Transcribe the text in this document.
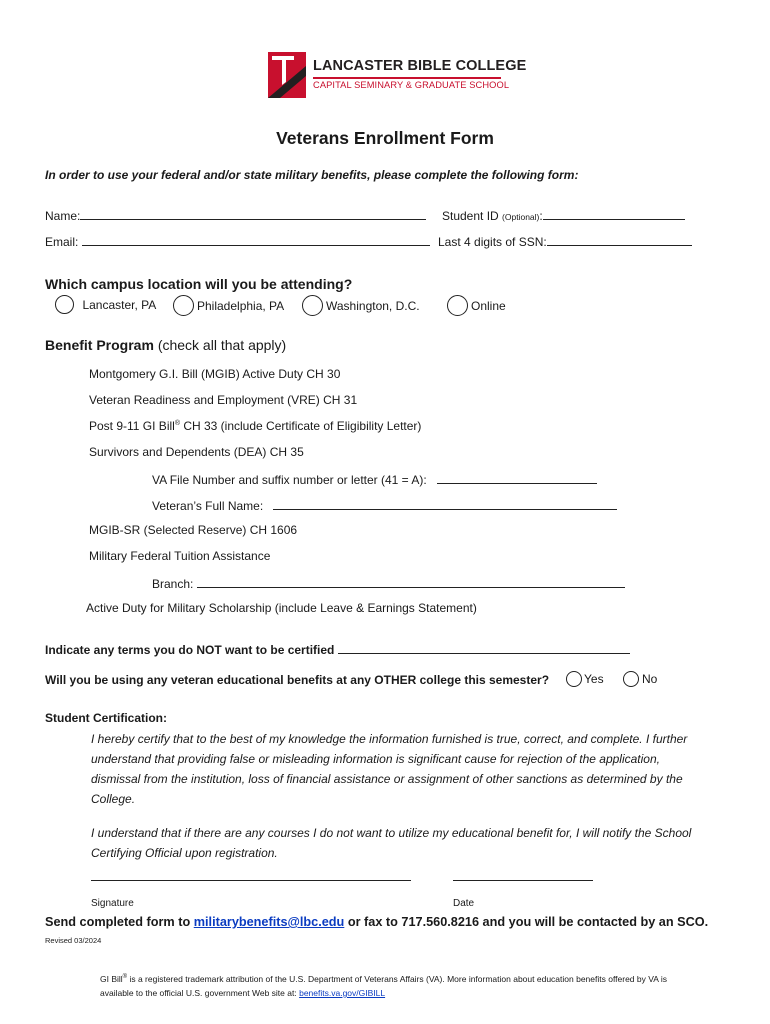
LANCASTER BIBLE COLLEGE
CAPITAL SEMINARY & GRADUATE SCHOOL
Veterans Enrollment Form
In order to use your federal and/or state military benefits, please complete the following form:
Name:	Student ID (Optional):
Email:	Last 4 digits of SSN:
Which campus location will you be attending?
Lancaster, PA	Philadelphia, PA	Washington, D.C.	Online
Benefit Program (check all that apply)
Montgomery G.I. Bill (MGIB) Active Duty CH 30
Veteran Readiness and Employment (VRE) CH 31
Post 9-11 GI Bill® CH 33 (include Certificate of Eligibility Letter)
Survivors and Dependents (DEA) CH 35
VA File Number and suffix number or letter (41 = A):
Veteran’s Full Name:
MGIB-SR (Selected Reserve) CH 1606
Military Federal Tuition Assistance
Branch:
Active Duty for Military Scholarship (include Leave & Earnings Statement)
Indicate any terms you do NOT want to be certified
Will you be using any veteran educational benefits at any OTHER college this semester?	Yes	No
Student Certification:
I hereby certify that to the best of my knowledge the information furnished is true, correct, and complete. I further understand that providing false or misleading information is significant cause for rejection of the application, dismissal from the institution, loss of financial assistance or assignment of other sanctions as determined by the College.
I understand that if there are any courses I do not want to utilize my educational benefit for, I will notify the School Certifying Official upon registration.
Signature	Date
Send completed form to militarybenefits@lbc.edu or fax to 717.560.8216 and you will be contacted by an SCO.
Revised 03/2024
GI Bill® is a registered trademark attribution of the U.S. Department of Veterans Affairs (VA). More information about education benefits offered by VA is available to the official U.S. government Web site at: benefits.va.gov/GIBILL
